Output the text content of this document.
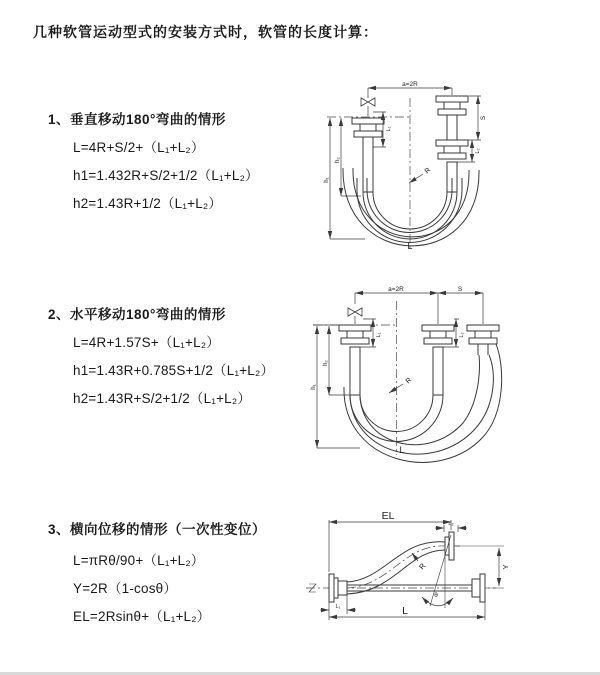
几种软管运动型式的安装方式时，软管的长度计算：
1、垂直移动180°弯曲的情形
L=4R+S/2+（L₁+L₂）
h1=1.432R+S/2+1/2（L₁+L₂）
h2=1.43R+1/2（L₁+L₂）
2、水平移动180°弯曲的情形
L=4R+1.57S+（L₁+L₂）
h1=1.43R+0.785S+1/2（L₁+L₂）
h2=1.43R+S/2+1/2（L₁+L₂）
3、横向位移的情形（一次性变位）
L=πRθ/90+（L₁+L₂）
Y=2R（1-cosθ）
EL=2Rsinθ+（L₁+L₂）
a=2R
S
L₂
L₁
h₁
h₂
R
L
a=2R	S
L₁	L₂
h₁
h₂
R
L
EL
L₂
Y
L
L₁
R
θ
